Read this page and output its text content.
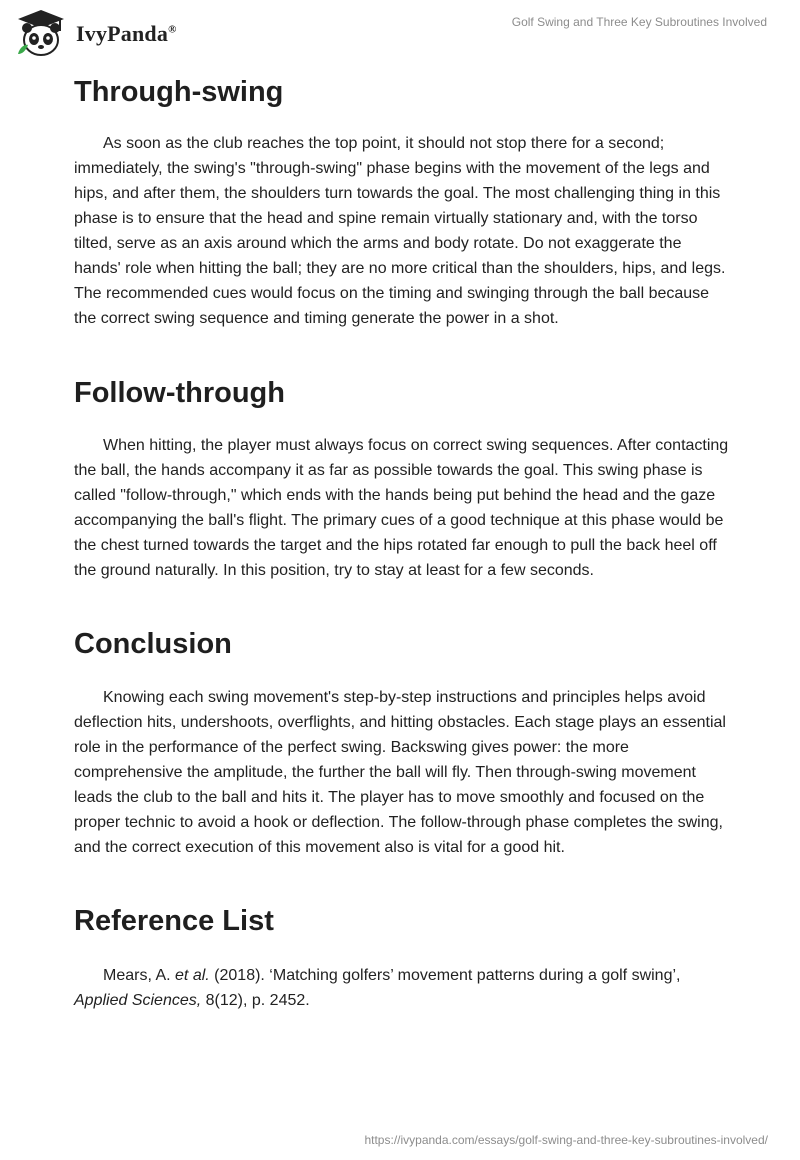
IvyPanda®
Golf Swing and Three Key Subroutines Involved
Through-swing

As soon as the club reaches the top point, it should not stop there for a second; immediately, the swing's "through-swing" phase begins with the movement of the legs and hips, and after them, the shoulders turn towards the goal. The most challenging thing in this phase is to ensure that the head and spine remain virtually stationary and, with the torso tilted, serve as an axis around which the arms and body rotate. Do not exaggerate the hands' role when hitting the ball; they are no more critical than the shoulders, hips, and legs. The recommended cues would focus on the timing and swinging through the ball because the correct swing sequence and timing generate the power in a shot.

Follow-through

When hitting, the player must always focus on correct swing sequences. After contacting the ball, the hands accompany it as far as possible towards the goal. This swing phase is called "follow-through," which ends with the hands being put behind the head and the gaze accompanying the ball's flight. The primary cues of a good technique at this phase would be the chest turned towards the target and the hips rotated far enough to pull the back heel off the ground naturally. In this position, try to stay at least for a few seconds.

Conclusion

Knowing each swing movement's step-by-step instructions and principles helps avoid deflection hits, undershoots, overflights, and hitting obstacles. Each stage plays an essential role in the performance of the perfect swing. Backswing gives power: the more comprehensive the amplitude, the further the ball will fly. Then through-swing movement leads the club to the ball and hits it. The player has to move smoothly and focused on the proper technic to avoid a hook or deflection. The follow-through phase completes the swing, and the correct execution of this movement also is vital for a good hit.

Reference List

Mears, A. et al. (2018). ‘Matching golfers’ movement patterns during a golf swing’, Applied Sciences, 8(12), p. 2452.

https://ivypanda.com/essays/golf-swing-and-three-key-subroutines-involved/
